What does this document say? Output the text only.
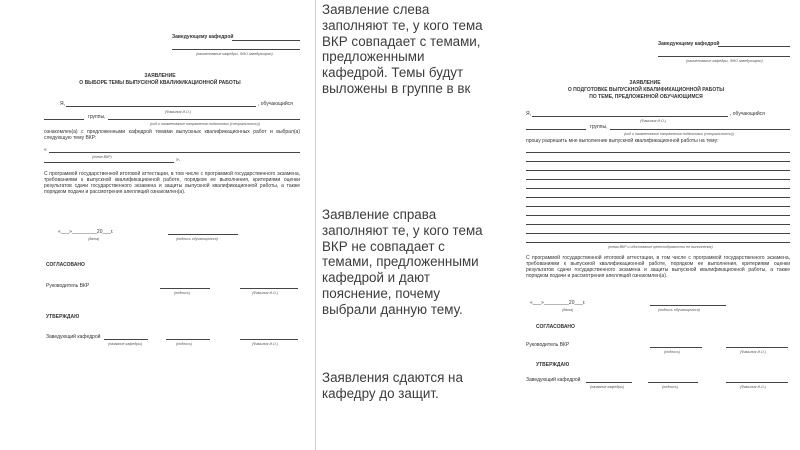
Заведующему кафедрой
(наименование кафедры, ФИО заведующего)
ЗАЯВЛЕНИЕ
О ВЫБОРЕ ТЕМЫ ВЫПУСКНОЙ КВАЛИФИКАЦИОННОЙ РАБОТЫ
Я,	, обучающийся
(Фамилия И.О.)
группы,
(код и наименование направления подготовки (специальности))
ознакомлен(а) с предложенными кафедрой темами выпускных квалификационных работ и выбрал(а) следующую тему ВКР:
«
(тема ВКР)	».
С программой государственной итоговой аттестации, в том числе с программой государственного экзамена, требованиями к выпускной квалификационной работе, порядком ее выполнения, критериями оценки результатов сдачи государственного экзамена и защиты выпускной квалификационной работы, а также порядком подачи и рассмотрения апелляций ознакомлен(а).
«___»_________20___г.
(дата)	(подпись обучающегося)
СОГЛАСОВАНО
Руководитель ВКР
(подпись)	(Фамилия И.О.)
УТВЕРЖДАЮ
Заведующий кафедрой
(название кафедры)	(подпись)	(Фамилия И.О.)

Заявление слева заполняют те, у кого тема ВКР совпадает с темами, предложенными кафедрой. Темы будут выложены в группе в вк

Заявление справа заполняют те, у кого тема ВКР не совпадает с темами, предложенными кафедрой и дают пояснение, почему выбрали данную тему.

Заявления сдаются на кафедру до защит.

Заведующему кафедрой
(наименование кафедры, ФИО заведующего)
ЗАЯВЛЕНИЕ
О ПОДГОТОВКЕ ВЫПУСКНОЙ КВАЛИФИКАЦИОННОЙ РАБОТЫ
ПО ТЕМЕ, ПРЕДЛОЖЕННОЙ ОБУЧАЮЩИМСЯ
Я,	, обучающийся
(Фамилия И.О.)
группы,
(код и наименование направления подготовки (специальности))
прошу разрешить мне выполнение выпускной квалификационной работы на тему:
(тема ВКР и обоснование целесообразности ее выполнения)
С программой государственной итоговой аттестации, в том числе с программой государственного экзамена, требованиями к выпускной квалификационной работе, порядком ее выполнения, критериями оценки результатов сдачи государственного экзамена и защиты выпускной квалификационной работы, а также порядком подачи и рассмотрения апелляций ознакомлен(а).
«___»_________20___г.
(дата)	(подпись обучающегося)
СОГЛАСОВАНО
Руководитель ВКР
(подпись)	(Фамилия И.О.)
УТВЕРЖДАЮ
Заведующий кафедрой
(название кафедры)	(подпись)	(Фамилия И.О.)
